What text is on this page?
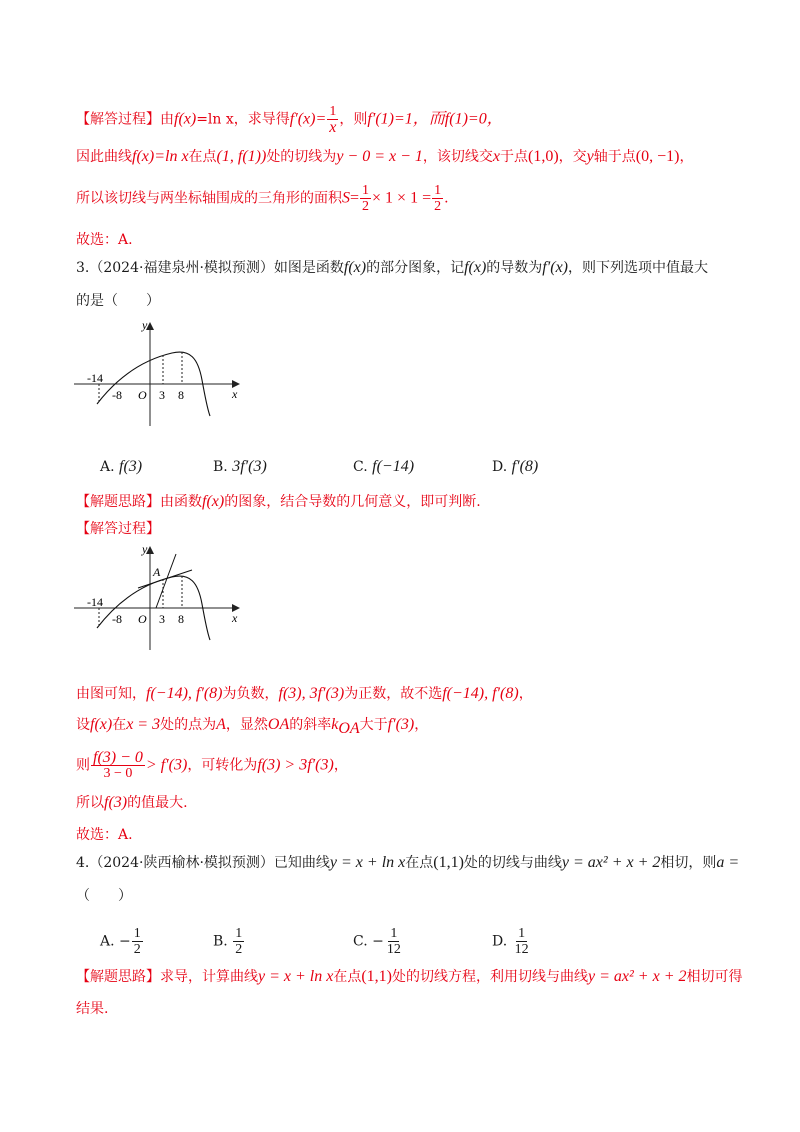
【解答过程】由f(x)=ln x，求导得$f'(x)= \frac{1}{x}$ ，则f′(1)=1，而f(1)=0，
因此曲线f(x)=ln x在点(1, f(1))处的切线为y − 0 = x − 1，该切线交x于点(1,0)，交y轴于点(0, −1)，
所以该切线与两坐标轴围成的三角形的面积$S= \frac{1}{2} \times 1 \times 1 = \frac{1}{2}$ .
故选：A.
3.（2024·福建泉州·模拟预测）如图是函数f(x)的部分图象，记f(x)的导数为f′(x)，则下列选项中值最大
的是（　　）
y
x
O
-14
-8	3 8
A. f(3)	B. 3f′(3)	C. f(−14)	D. f′(8)
【解题思路】由函数f(x)的图象，结合导数的几何意义，即可判断.
【解答过程】
y
A
x
O
-14
-8	3 8
由图可知，f(−14), f′(8)为负数，f(3), 3f′(3)为正数，故不选f(−14), f′(8)，
设f(x)在x = 3处的点为A，显然OA的斜率$k_{OA}$大于f′(3)，
则 $\frac{f(3) - 0}{3 - 0} > f'(3)$，可转化为f(3) > 3f′(3)，
所以f(3)的值最大.
故选：A.
4.（2024·陕西榆林·模拟预测）已知曲线y = x + ln x在点(1,1)处的切线与曲线y = ax² + x + 2相切，则a =
（　　）
A. − $\frac{1}{2}$	B. $\frac{1}{2}$	C. − $\frac{1}{12}$	D. $\frac{1}{12}$
【解题思路】求导，计算曲线y = x + ln x在点(1,1)处的切线方程，利用切线与曲线y = ax² + x + 2相切可得
结果.
